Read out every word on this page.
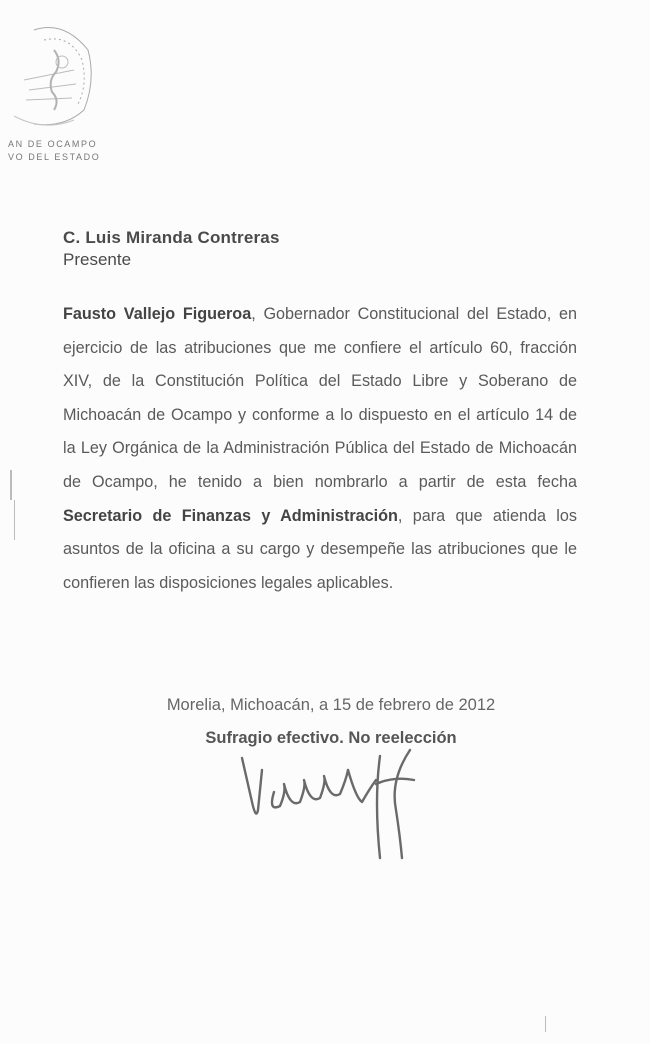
AN DE OCAMPO
VO DEL ESTADO
C. Luis Miranda Contreras
Presente
Fausto Vallejo Figueroa, Gobernador Constitucional del Estado, en ejercicio de las atribuciones que me confiere el artículo 60, fracción XIV, de la Constitución Política del Estado Libre y Soberano de Michoacán de Ocampo y conforme a lo dispuesto en el artículo 14 de la Ley Orgánica de la Administración Pública del Estado de Michoacán de Ocampo, he tenido a bien nombrarlo a partir de esta fecha Secretario de Finanzas y Administración, para que atienda los asuntos de la oficina a su cargo y desempeñe las atribuciones que le confieren las disposiciones legales aplicables.
Morelia, Michoacán, a 15 de febrero de 2012
Sufragio efectivo. No reelección
